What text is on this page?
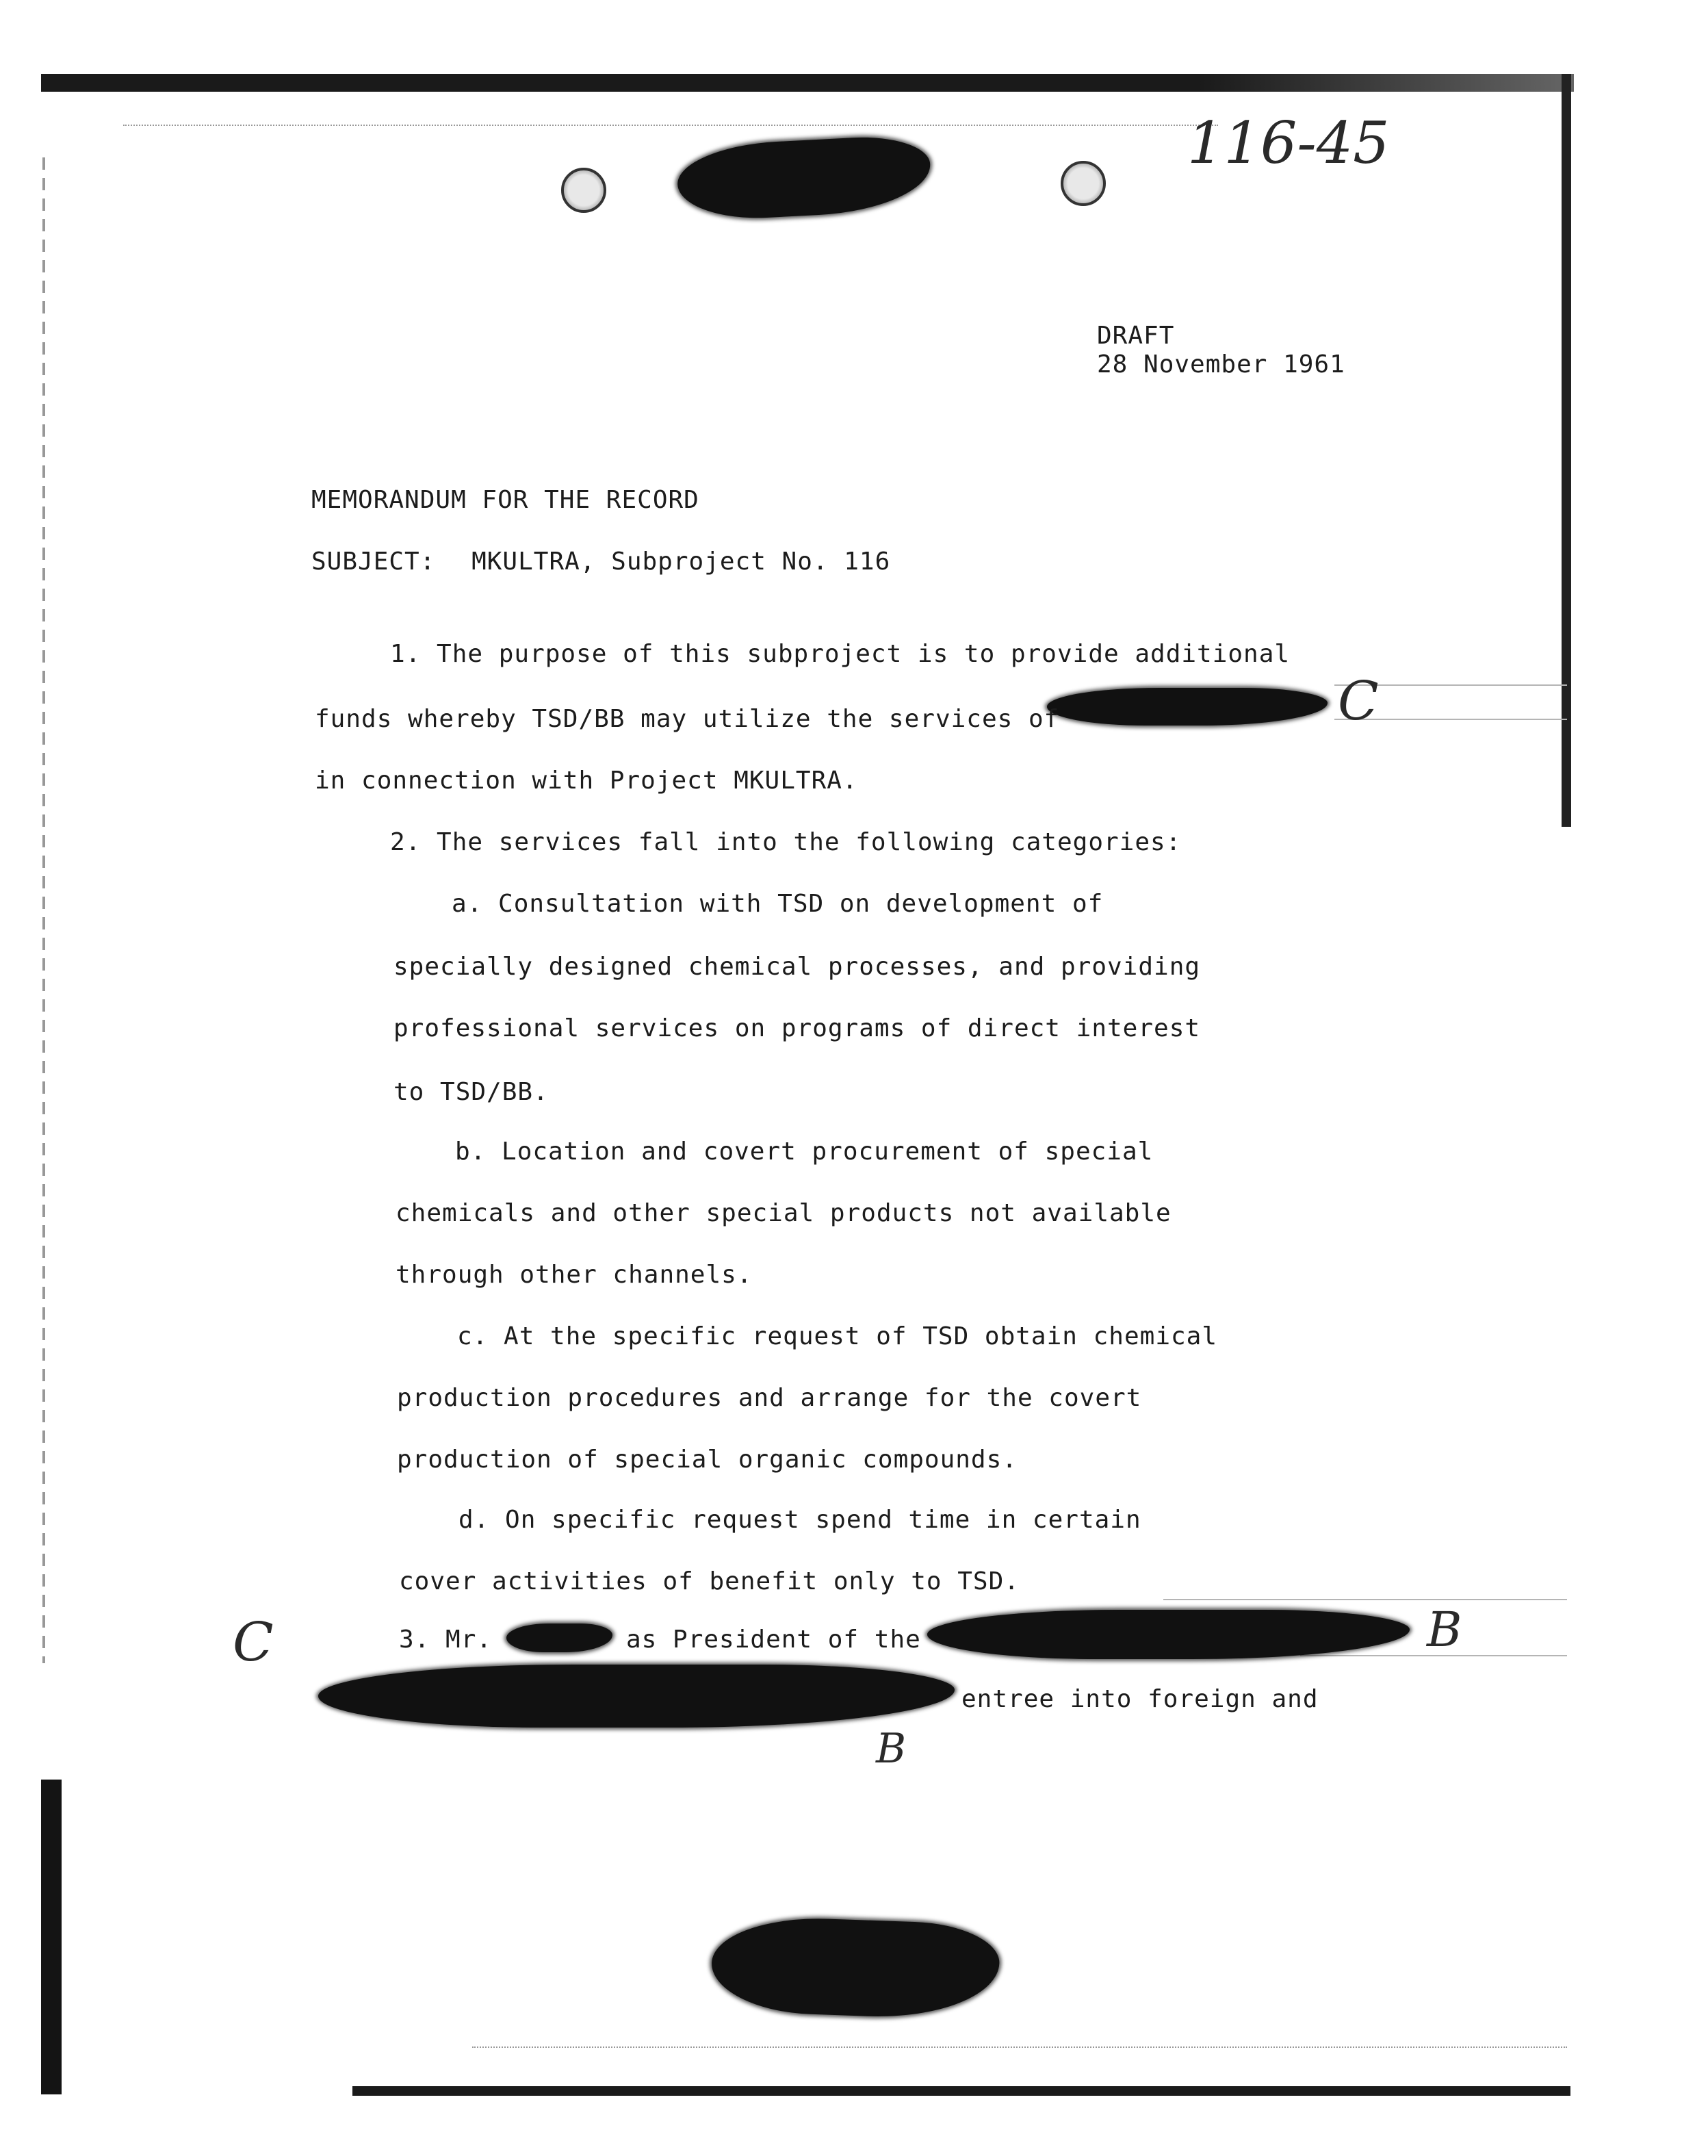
116-45
C
C	B
B
DRAFT
28 November 1961
MEMORANDUM FOR THE RECORD
SUBJECT: MKULTRA, Subproject No. 116
1. The purpose of this subproject is to provide additional
funds whereby TSD/BB may utilize the services of
in connection with Project MKULTRA.
2. The services fall into the following categories:
a. Consultation with TSD on development of
specially designed chemical processes, and providing
professional services on programs of direct interest
to TSD/BB.
b. Location and covert procurement of special
chemicals and other special products not available
through other channels.
c. At the specific request of TSD obtain chemical
production procedures and arrange for the covert
production of special organic compounds.
d. On specific request spend time in certain
cover activities of benefit only to TSD.
3. Mr.	as President of the
entree into foreign and
